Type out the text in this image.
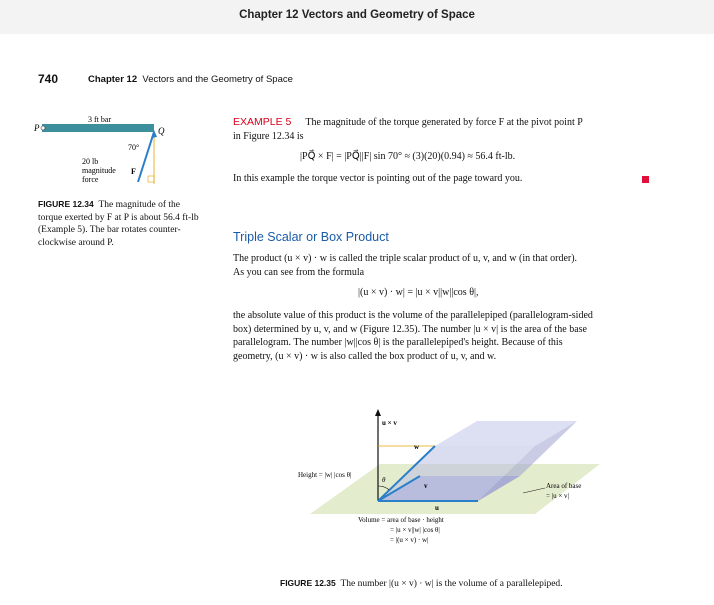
Chapter 12 Vectors and Geometry of Space
740	Chapter 12 Vectors and the Geometry of Space
3 ft bar
P	Q
70°
20 lb
magnitude
force
F
FIGURE 12.34 The magnitude of the
torque exerted by F at P is about 56.4 ft-lb
(Example 5). The bar rotates counter-
clockwise around P.
EXAMPLE 5 The magnitude of the torque generated by force F at the pivot point P
in Figure 12.34 is
|PQ⃗ × F| = |PQ⃗||F| sin 70° ≈ (3)(20)(0.94) ≈ 56.4 ft-lb.
In this example the torque vector is pointing out of the page toward you.
Triple Scalar or Box Product
The product (u × v) · w is called the triple scalar product of u, v, and w (in that order).
As you can see from the formula
|(u × v) · w| = |u × v||w||cos θ|,
the absolute value of this product is the volume of the parallelepiped (parallelogram-sided
box) determined by u, v, and w (Figure 12.35). The number |u × v| is the area of the base
parallelogram. The number |w||cos θ| is the parallelepiped's height. Because of this
geometry, (u × v) · w is also called the box product of u, v, and w.
u × v
w
θ
Height = |w| |cos θ|
v
u
Area of base
= |u × v|
Volume = area of base · height
= |u × v||w| |cos θ|
= |(u × v) · w|
FIGURE 12.35 The number |(u × v) · w| is the volume of a parallelepiped.
